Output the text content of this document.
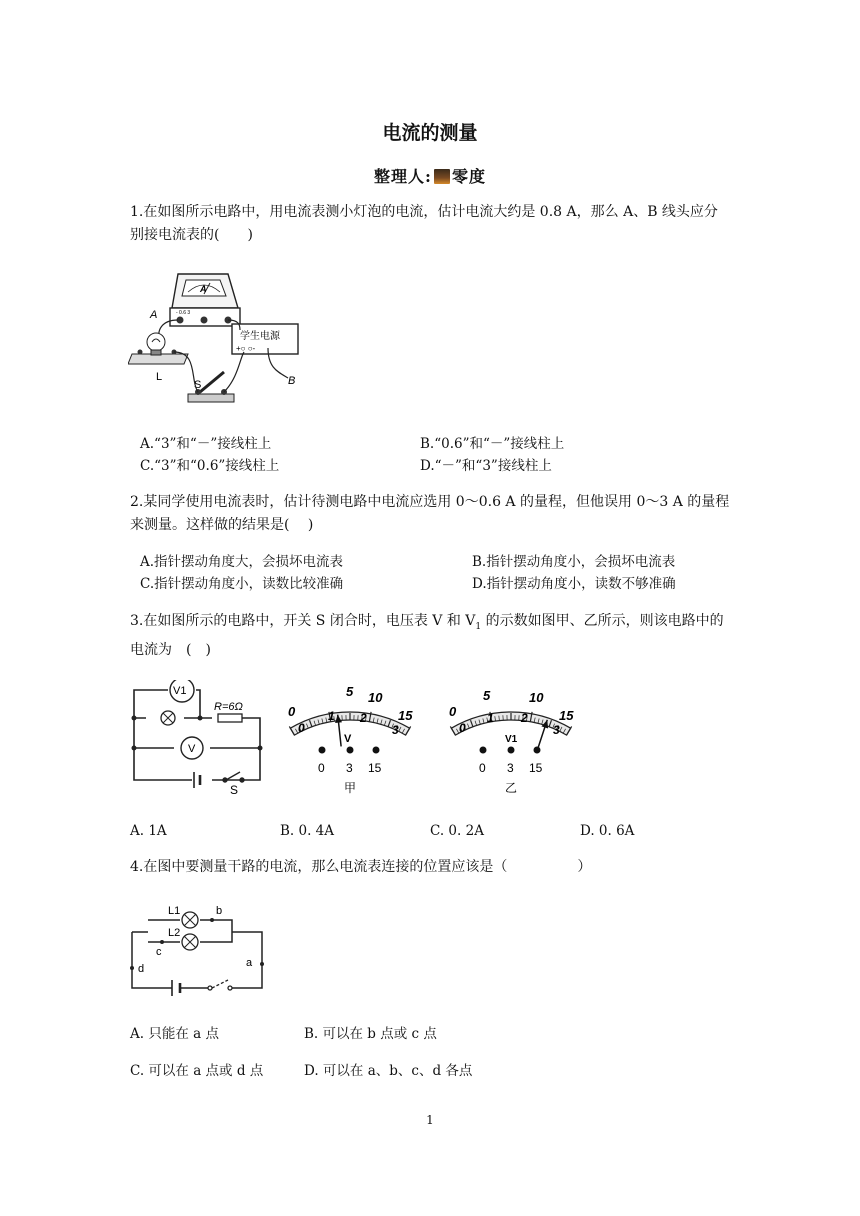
电流的测量
整理人: 零度
1.在如图所示电路中，用电流表测小灯泡的电流，估计电流大约是 0.8 A，那么 A、B 线头应分别接电流表的(　　)
A
- 0.6 3
A
L
学生电源
+○ ○-
B
S
A.“3”和“－”接线柱上	B.“0.6”和“－”接线柱上
C.“3”和“0.6”接线柱上	D.“－”和“3”接线柱上
2.某同学使用电流表时，估计待测电路中电流应选用 0～0.6 A 的量程，但他误用 0～3 A 的量程来测量。这样做的结果是(　 )
A.指针摆动角度大，会损坏电流表	B.指针摆动角度小，会损坏电流表
C.指针摆动角度小，读数比较准确	D.指针摆动角度小，读数不够准确
3.在如图所示的电路中，开关 S 闭合时，电压表 V 和 $V_1$ 的示数如图甲、乙所示，则该电路中的电流为　(　)
V1
R=6Ω
V
S
5 10
0	15
0
1 2
3
V
0 3 15
甲
5	10
0	15
0
1 2
3
V1
0 3 15
乙
A. 1A	B. 0. 4A	C. 0. 2A	D. 0. 6A
4.在图中要测量干路的电流，那么电流表连接的位置应该是（　　　　　）
L1
L2
b
c
d	a
A. 只能在 a 点	B. 可以在 b 点或 c 点
C. 可以在 a 点或 d 点	D. 可以在 a、b、c、d 各点
1
